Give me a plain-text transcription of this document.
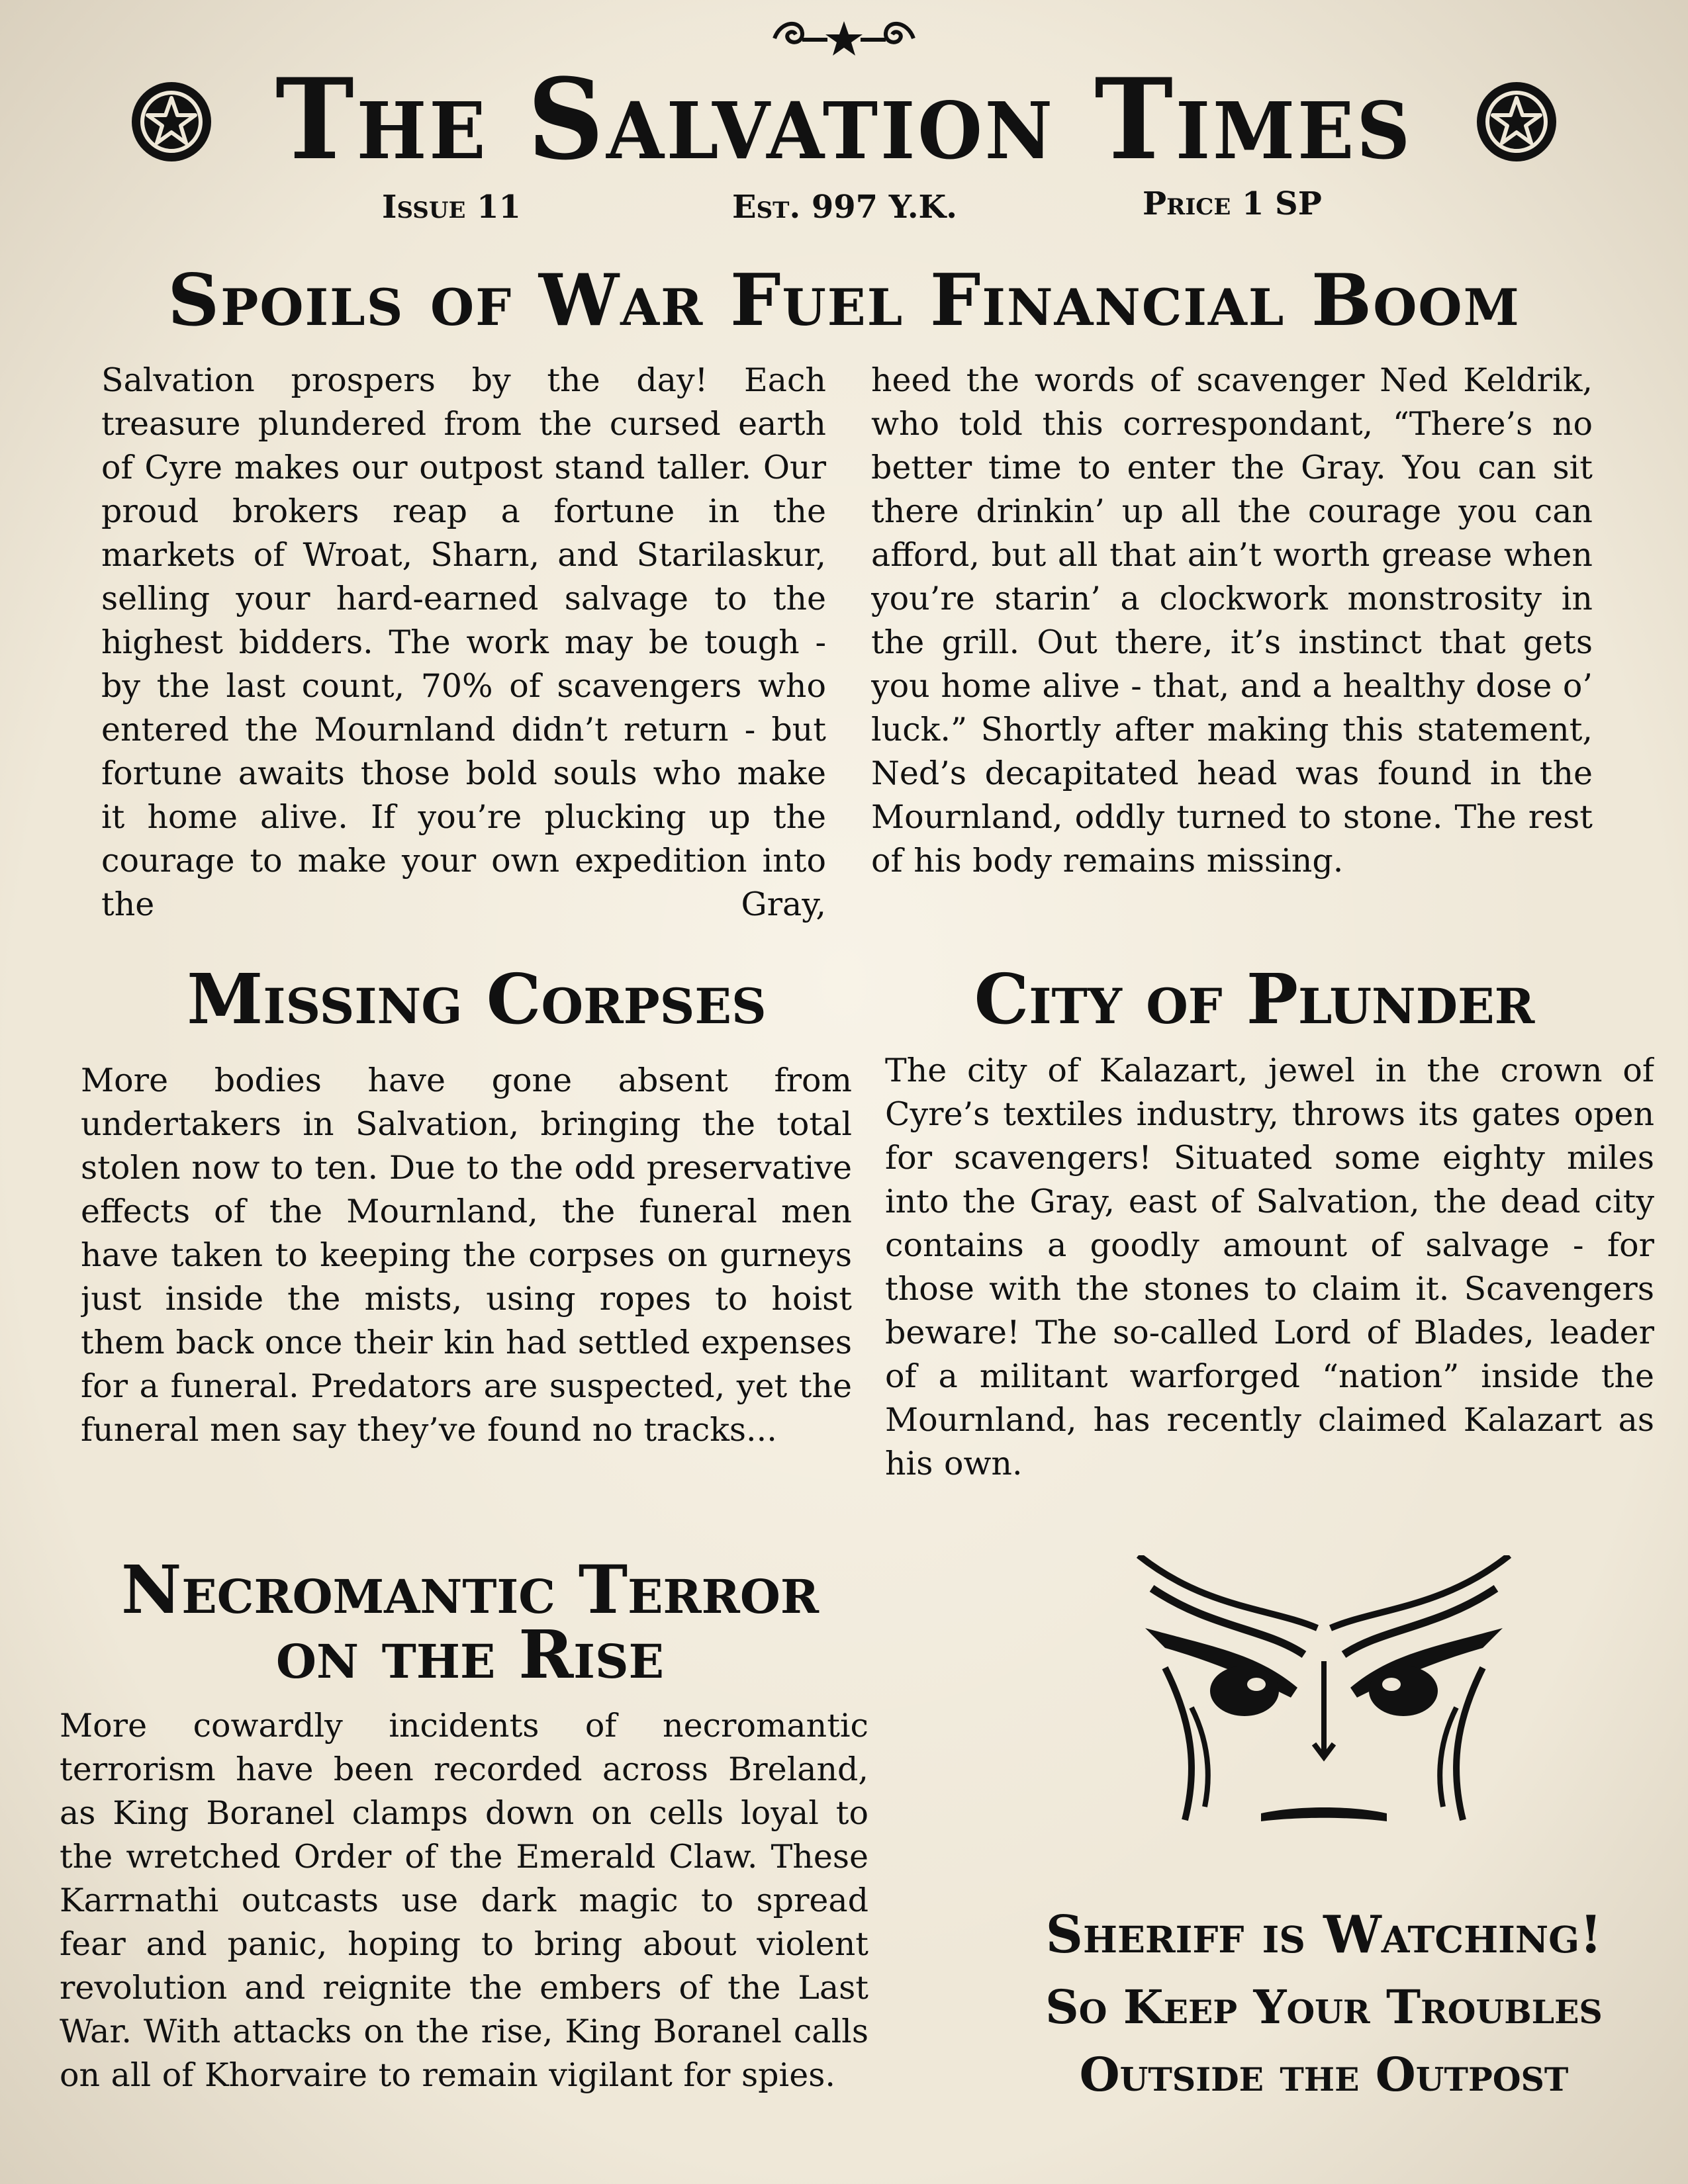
The Salvation Times
Issue 11	Est. 997 Y.K.	Price 1 SP
Spoils of War Fuel Financial Boom

Salvation prospers by the day! Each treasure plundered from the cursed earth of Cyre makes our outpost stand taller. Our proud brokers reap a fortune in the markets of Wroat, Sharn, and Starilaskur, selling your hard-earned salvage to the highest bidders. The work may be tough - by the last count, 70% of scavengers who entered the Mournland didn’t return - but fortune awaits those bold souls who make it home alive. If you’re plucking up the courage to make your own expedition into the Gray,

heed the words of scavenger Ned Keldrik, who told this correspondant, “There’s no better time to enter the Gray. You can sit there drinkin’ up all the courage you can afford, but all that ain’t worth grease when you’re starin’ a clockwork monstrosity in the grill. Out there, it’s instinct that gets you home alive - that, and a healthy dose o’ luck.” Shortly after making this statement, Ned’s decapitated head was found in the Mournland, oddly turned to stone. The rest of his body remains missing.

Missing Corpses

More bodies have gone absent from undertakers in Salvation, bringing the total stolen now to ten. Due to the odd preservative effects of the Mournland, the funeral men have taken to keeping the corpses on gurneys just inside the mists, using ropes to hoist them back once their kin had settled expenses for a funeral. Predators are suspected, yet the funeral men say they’ve found no tracks...

City of Plunder

The city of Kalazart, jewel in the crown of Cyre’s textiles industry, throws its gates open for scavengers! Situated some eighty miles into the Gray, east of Salvation, the dead city contains a goodly amount of salvage - for those with the stones to claim it. Scavengers beware! The so-called Lord of Blades, leader of a militant warforged “nation” inside the Mournland, has recently claimed Kalazart as his own.

Necromantic Terror
on the Rise

More cowardly incidents of necromantic terrorism have been recorded across Breland, as King Boranel clamps down on cells loyal to the wretched Order of the Emerald Claw. These Karrnathi outcasts use dark magic to spread fear and panic, hoping to bring about violent revolution and reignite the embers of the Last War. With attacks on the rise, King Boranel calls on all of Khorvaire to remain vigilant for spies.

Sheriff is Watching!
So Keep Your Troubles
Outside the Outpost
